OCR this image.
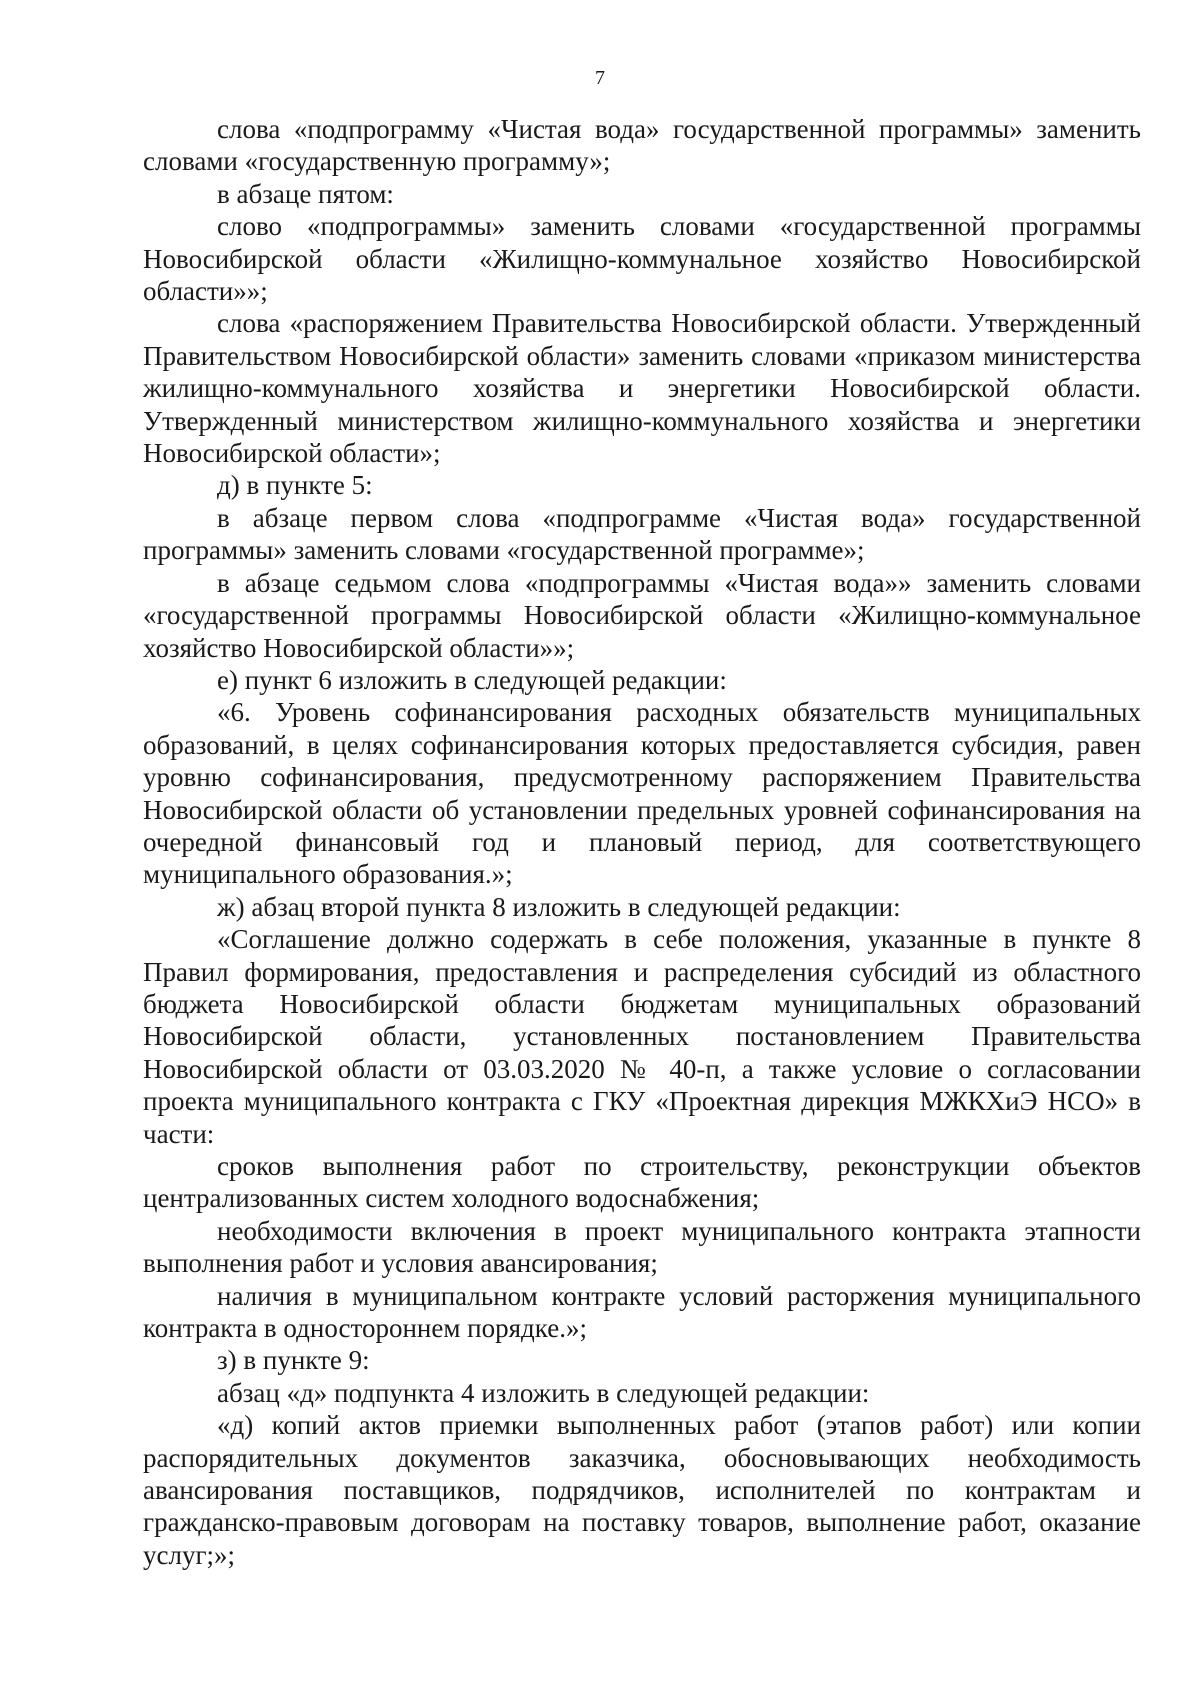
7

слова «подпрограмму «Чистая вода» государственной программы» заменить словами «государственную программу»;

в абзаце пятом:

слово «подпрограммы» заменить словами «государственной программы Новосибирской области «Жилищно-коммунальное хозяйство Новосибирской области»»;

слова «распоряжением Правительства Новосибирской области. Утвержденный Правительством Новосибирской области» заменить словами «приказом министерства жилищно-коммунального хозяйства и энергетики Новосибирской области. Утвержденный министерством жилищно-коммунального хозяйства и энергетики Новосибирской области»;

д) в пункте 5:

в абзаце первом слова «подпрограмме «Чистая вода» государственной программы» заменить словами «государственной программе»;

в абзаце седьмом слова «подпрограммы «Чистая вода»» заменить словами «государственной программы Новосибирской области «Жилищно-коммунальное хозяйство Новосибирской области»»;

е) пункт 6 изложить в следующей редакции:

«6. Уровень софинансирования расходных обязательств муниципальных образований, в целях софинансирования которых предоставляется субсидия, равен уровню софинансирования, предусмотренному распоряжением Правительства Новосибирской области об установлении предельных уровней софинансирования на очередной финансовый год и плановый период, для соответствующего муниципального образования.»;

ж) абзац второй пункта 8 изложить в следующей редакции:

«Соглашение должно содержать в себе положения, указанные в пункте 8 Правил формирования, предоставления и распределения субсидий из областного бюджета Новосибирской области бюджетам муниципальных образований Новосибирской области, установленных постановлением Правительства Новосибирской области от 03.03.2020 № 40-п, а также условие о согласовании проекта муниципального контракта с ГКУ «Проектная дирекция МЖКХиЭ НСО» в части:

сроков выполнения работ по строительству, реконструкции объектов централизованных систем холодного водоснабжения;

необходимости включения в проект муниципального контракта этапности выполнения работ и условия авансирования;

наличия в муниципальном контракте условий расторжения муниципального контракта в одностороннем порядке.»;

з) в пункте 9:

абзац «д» подпункта 4 изложить в следующей редакции:

«д) копий актов приемки выполненных работ (этапов работ) или копии распорядительных документов заказчика, обосновывающих необходимость авансирования поставщиков, подрядчиков, исполнителей по контрактам и гражданско-правовым договорам на поставку товаров, выполнение работ, оказание услуг;»;
